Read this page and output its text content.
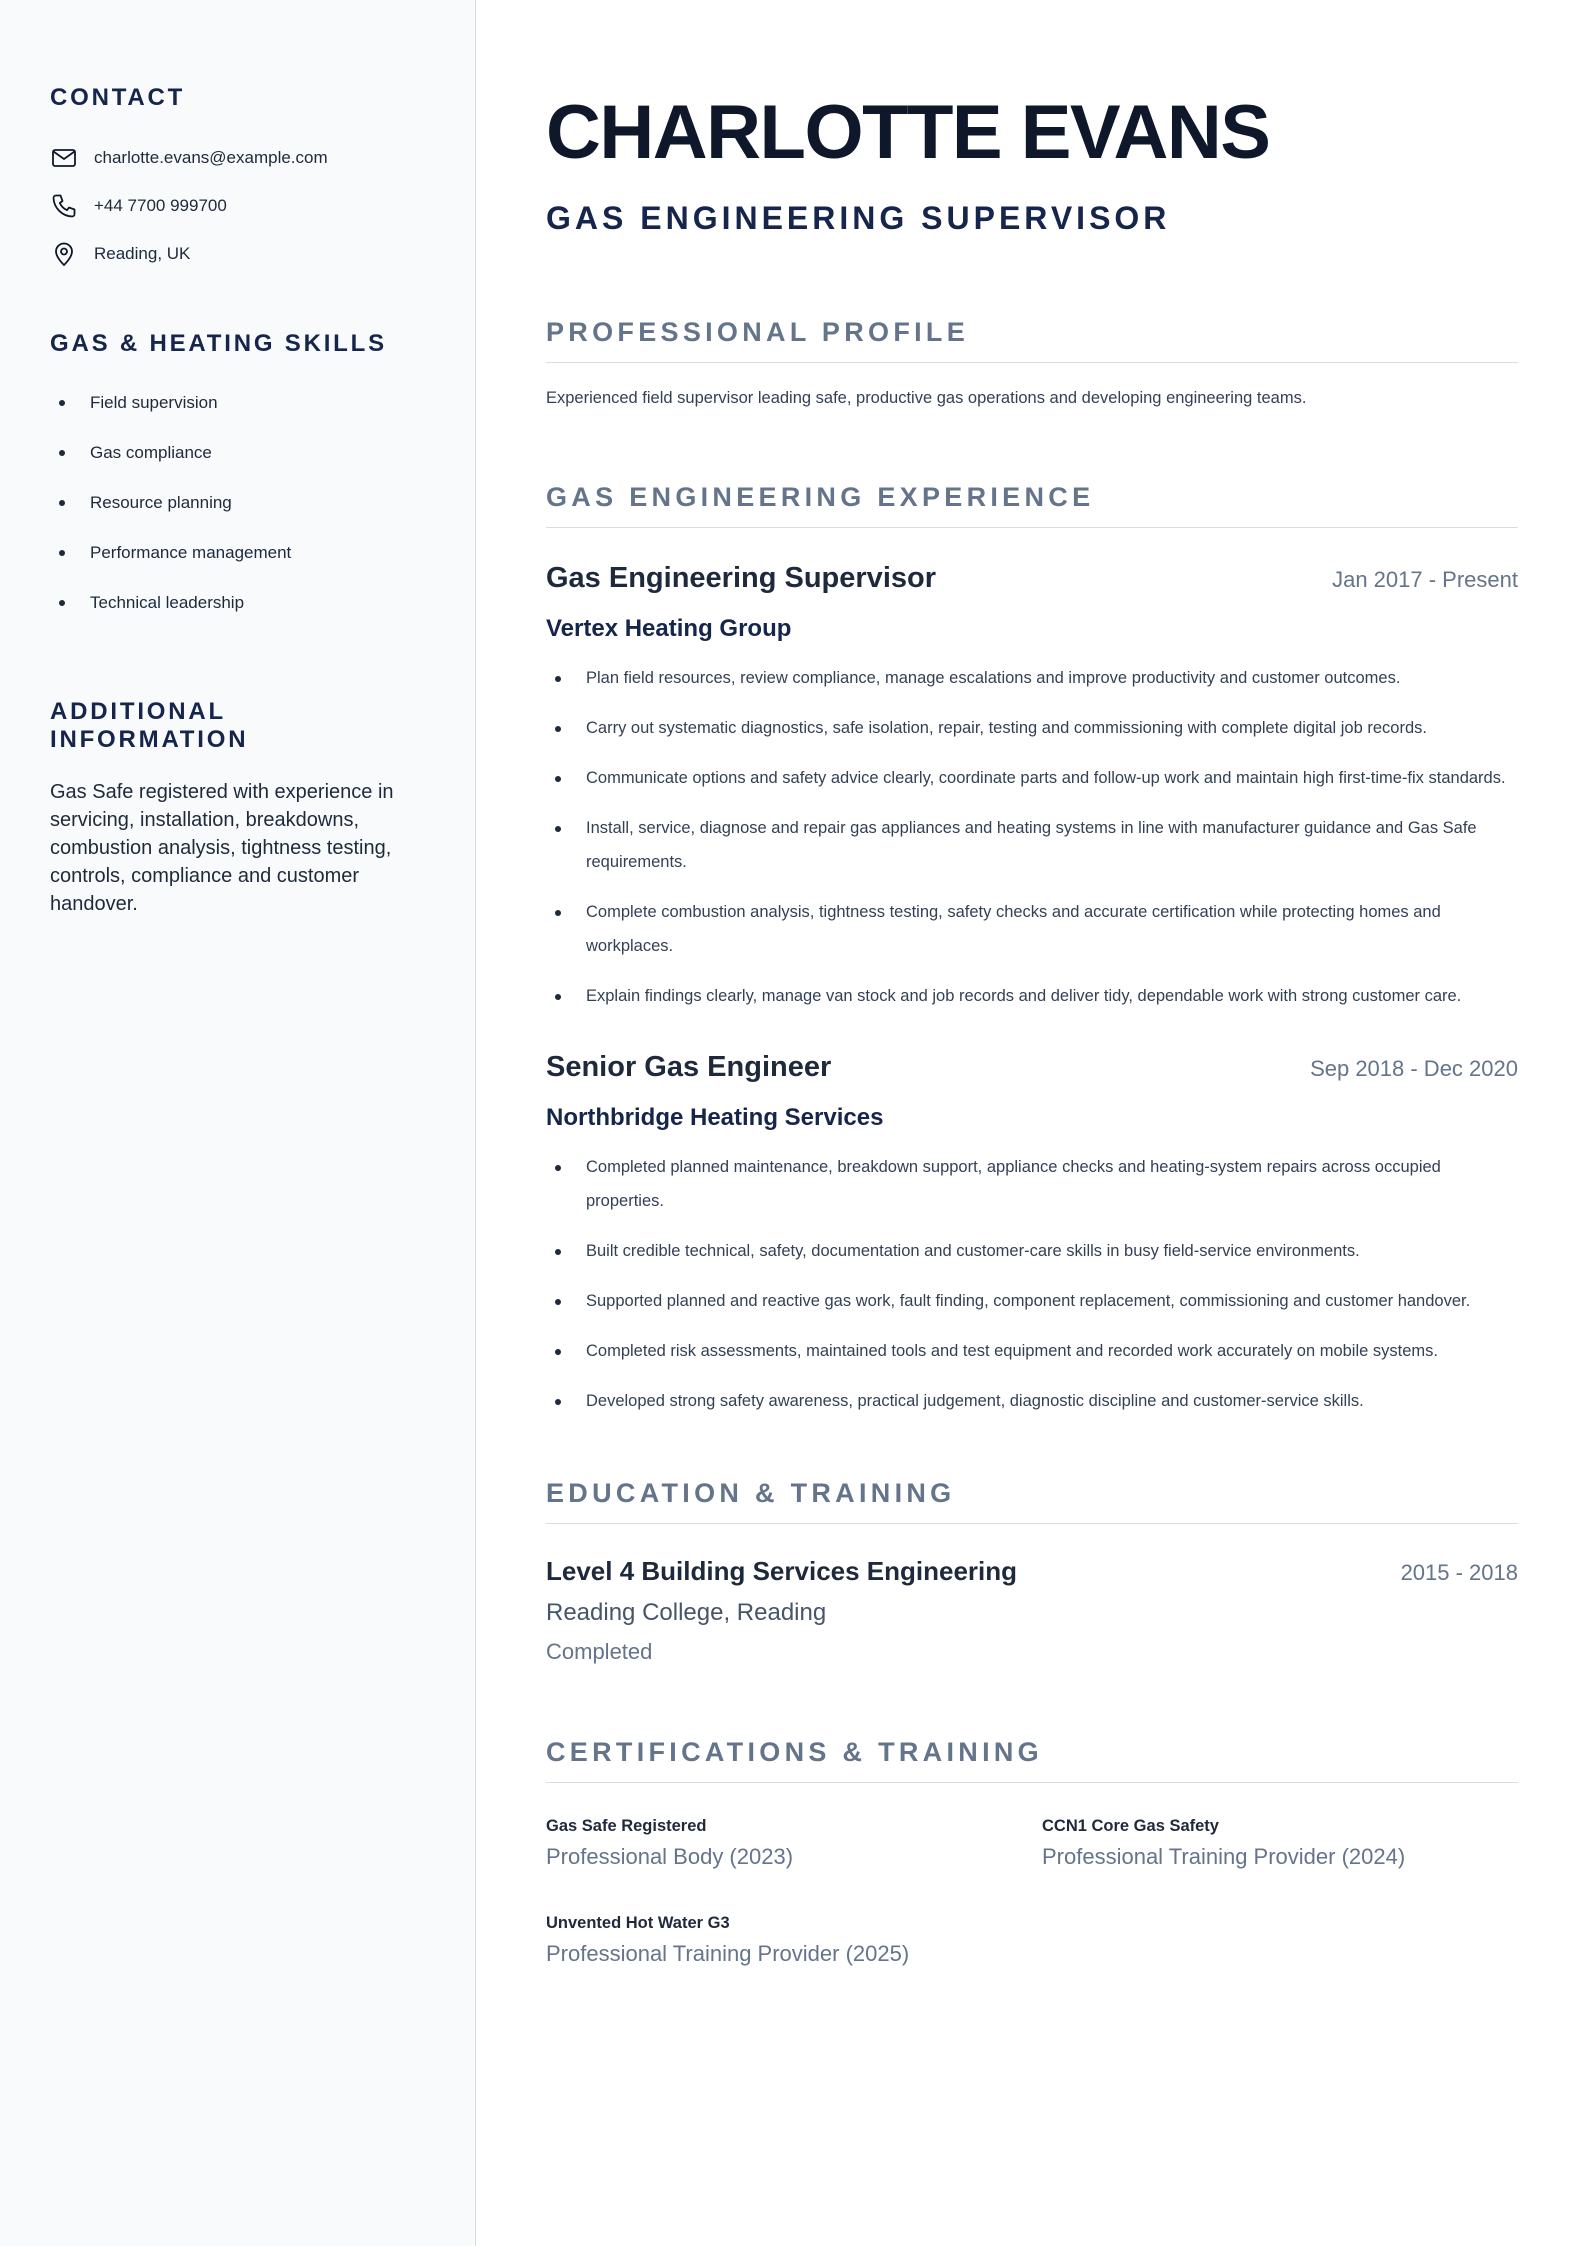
CONTACT
charlotte.evans@example.com
+44 7700 999700
Reading, UK
GAS & HEATING SKILLS
Field supervision
Gas compliance
Resource planning
Performance management
Technical leadership
ADDITIONAL INFORMATION

Gas Safe registered with experience in servicing, installation, breakdowns, combustion analysis, tightness testing, controls, compliance and customer handover.

CHARLOTTE EVANS
GAS ENGINEERING SUPERVISOR
PROFESSIONAL PROFILE

Experienced field supervisor leading safe, productive gas operations and developing engineering teams.

GAS ENGINEERING EXPERIENCE
Gas Engineering Supervisor	Jan 2017 - Present
Vertex Heating Group
Plan field resources, review compliance, manage escalations and improve productivity and customer outcomes.
Carry out systematic diagnostics, safe isolation, repair, testing and commissioning with complete digital job records.
Communicate options and safety advice clearly, coordinate parts and follow-up work and maintain high first-time-fix standards.
Install, service, diagnose and repair gas appliances and heating systems in line with manufacturer guidance and Gas Safe requirements.
Complete combustion analysis, tightness testing, safety checks and accurate certification while protecting homes and workplaces.
Explain findings clearly, manage van stock and job records and deliver tidy, dependable work with strong customer care.
Senior Gas Engineer	Sep 2018 - Dec 2020
Northbridge Heating Services
Completed planned maintenance, breakdown support, appliance checks and heating-system repairs across occupied properties.
Built credible technical, safety, documentation and customer-care skills in busy field-service environments.
Supported planned and reactive gas work, fault finding, component replacement, commissioning and customer handover.
Completed risk assessments, maintained tools and test equipment and recorded work accurately on mobile systems.
Developed strong safety awareness, practical judgement, diagnostic discipline and customer-service skills.
EDUCATION & TRAINING
Level 4 Building Services Engineering	2015 - 2018
Reading College, Reading
Completed
CERTIFICATIONS & TRAINING
Gas Safe Registered
Professional Body (2023)
CCN1 Core Gas Safety
Professional Training Provider (2024)
Unvented Hot Water G3
Professional Training Provider (2025)
